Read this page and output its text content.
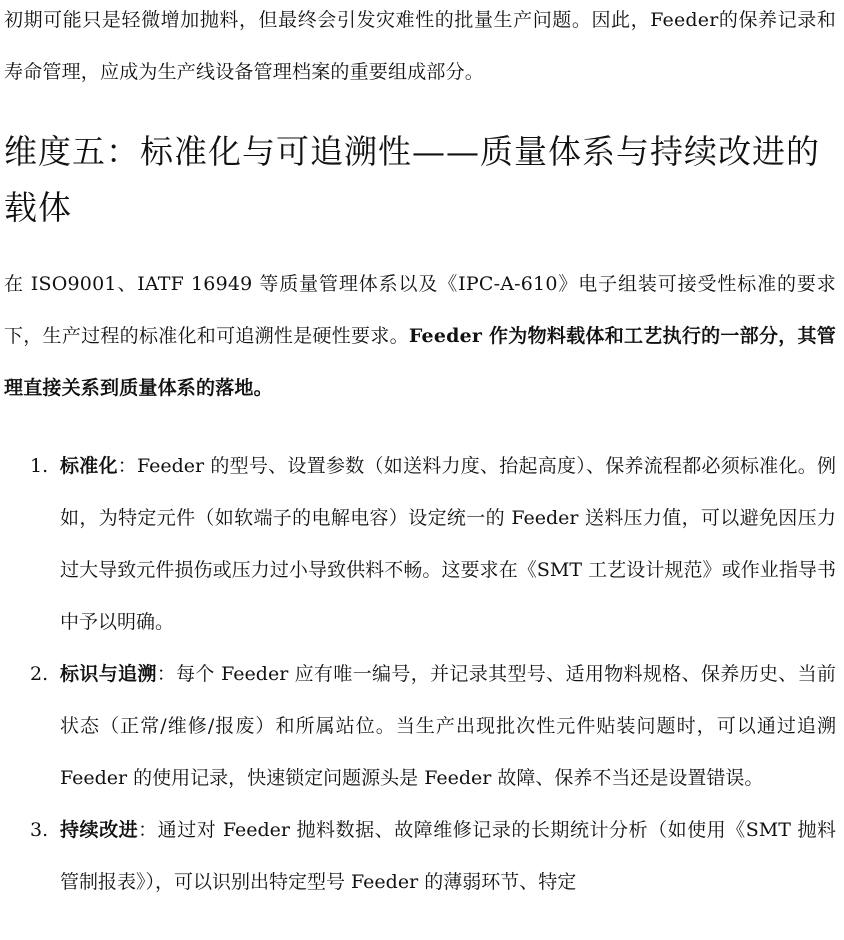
初期可能只是轻微增加抛料，但最终会引发灾难性的批量生产问题。因此，Feeder的保养记录和寿命管理，应成为生产线设备管理档案的重要组成部分。

维度五：标准化与可追溯性——质量体系与持续改进的载体

在 ISO9001、IATF 16949 等质量管理体系以及《IPC-A-610》电子组装可接受性标准的要求下，生产过程的标准化和可追溯性是硬性要求。Feeder 作为物料载体和工艺执行的一部分，其管理直接关系到质量体系的落地。

1. 标准化：Feeder 的型号、设置参数（如送料力度、抬起高度）、保养流程都必须标准化。例如，为特定元件（如软端子的电解电容）设定统一的 Feeder 送料压力值，可以避免因压力过大导致元件损伤或压力过小导致供料不畅。这要求在《SMT 工艺设计规范》或作业指导书中予以明确。
2. 标识与追溯：每个 Feeder 应有唯一编号，并记录其型号、适用物料规格、保养历史、当前状态（正常/维修/报废）和所属站位。当生产出现批次性元件贴装问题时，可以通过追溯 Feeder 的使用记录，快速锁定问题源头是 Feeder 故障、保养不当还是设置错误。
3. 持续改进：通过对 Feeder 抛料数据、故障维修记录的长期统计分析（如使用《SMT 抛料管制报表》），可以识别出特定型号 Feeder 的薄弱环节、特定
